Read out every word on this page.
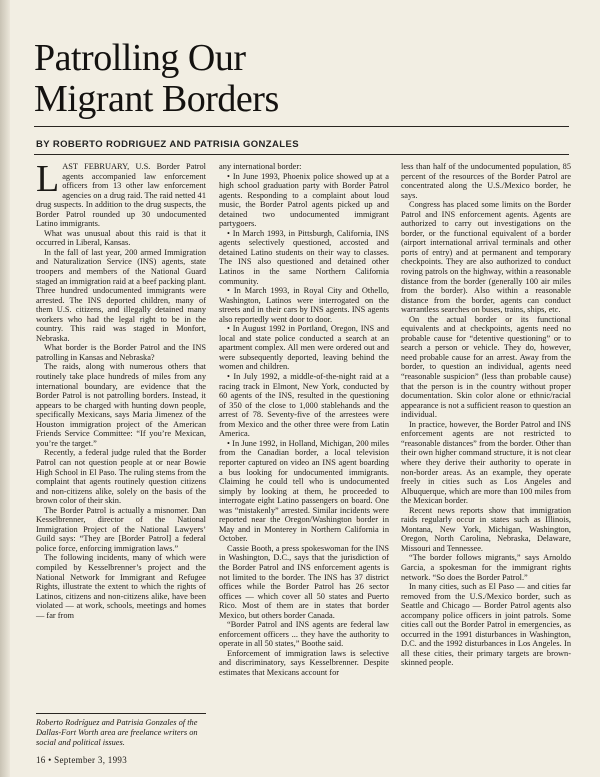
Patrolling Our
Migrant Borders
BY ROBERTO RODRIGUEZ AND PATRISIA GONZALES

LAST FEBRUARY, U.S. Border Patrol agents accompanied law enforcement officers from 13 other law enforcement agencies on a drug raid. The raid netted 41 drug suspects. In addition to the drug suspects, the Border Patrol rounded up 30 undocumented Latino immigrants.

What was unusual about this raid is that it occurred in Liberal, Kansas.

In the fall of last year, 200 armed Immigration and Naturalization Service (INS) agents, state troopers and members of the National Guard staged an immigration raid at a beef packing plant. Three hundred undocumented immigrants were arrested. The INS deported children, many of them U.S. citizens, and illegally detained many workers who had the legal right to be in the country. This raid was staged in Monfort, Nebraska.

What border is the Border Patrol and the INS patrolling in Kansas and Nebraska?

The raids, along with numerous others that routinely take place hundreds of miles from any international boundary, are evidence that the Border Patrol is not patrolling borders. Instead, it appears to be charged with hunting down people, specifically Mexicans, says Maria Jimenez of the Houston immigration project of the American Friends Service Committee: “If you’re Mexican, you’re the target.”

Recently, a federal judge ruled that the Border Patrol can not question people at or near Bowie High School in El Paso. The ruling stems from the complaint that agents routinely question citizens and non-citizens alike, solely on the basis of the brown color of their skin.

The Border Patrol is actually a misnomer. Dan Kesselbrenner, director of the National Immigration Project of the National Lawyers’ Guild says: “They are [Border Patrol] a federal police force, enforcing immigration laws.”

The following incidents, many of which were compiled by Kesselbrenner’s project and the National Network for Immigrant and Refugee Rights, illustrate the extent to which the rights of Latinos, citizens and non-citizens alike, have been violated — at work, schools, meetings and homes — far from

any international border:

• In June 1993, Phoenix police showed up at a high school graduation party with Border Patrol agents. Responding to a complaint about loud music, the Border Patrol agents picked up and detained two undocumented immigrant partygoers.

• In March 1993, in Pittsburgh, California, INS agents selectively questioned, accosted and detained Latino students on their way to classes. The INS also questioned and detained other Latinos in the same Northern California community.

• In March 1993, in Royal City and Othello, Washington, Latinos were interrogated on the streets and in their cars by INS agents. INS agents also reportedly went door to door.

• In August 1992 in Portland, Oregon, INS and local and state police conducted a search at an apartment complex. All men were ordered out and were subsequently deported, leaving behind the women and children.

• In July 1992, a middle-of-the-night raid at a racing track in Elmont, New York, conducted by 60 agents of the INS, resulted in the questioning of 350 of the close to 1,000 stablehands and the arrest of 78. Seventy-five of the arrestees were from Mexico and the other three were from Latin America.

• In June 1992, in Holland, Michigan, 200 miles from the Canadian border, a local television reporter captured on video an INS agent boarding a bus looking for undocumented immigrants. Claiming he could tell who is undocumented simply by looking at them, he proceeded to interrogate eight Latino passengers on board. One was “mistakenly” arrested. Similar incidents were reported near the Oregon/Washington border in May and in Monterey in Northern California in October.

Cassie Booth, a press spokeswoman for the INS in Washington, D.C., says that the jurisdiction of the Border Patrol and INS enforcement agents is not limited to the border. The INS has 37 district offices while the Border Patrol has 26 sector offices — which cover all 50 states and Puerto Rico. Most of them are in states that border Mexico, but others border Canada.

“Border Patrol and INS agents are federal law enforcement officers ... they have the authority to operate in all 50 states,” Boothe said.

Enforcement of immigration laws is selective and discriminatory, says Kesselbrenner. Despite estimates that Mexicans account for

less than half of the undocumented population, 85 percent of the resources of the Border Patrol are concentrated along the U.S./Mexico border, he says.

Congress has placed some limits on the Border Patrol and INS enforcement agents. Agents are authorized to carry out investigations on the border, or the functional equivalent of a border (airport international arrival terminals and other ports of entry) and at permanent and temporary checkpoints. They are also authorized to conduct roving patrols on the highway, within a reasonable distance from the border (generally 100 air miles from the border). Also within a reasonable distance from the border, agents can conduct warrantless searches on buses, trains, ships, etc.

On the actual border or its functional equivalents and at checkpoints, agents need no probable cause for “detentive questioning” or to search a person or vehicle. They do, however, need probable cause for an arrest. Away from the border, to question an individual, agents need “reasonable suspicion” (less than probable cause) that the person is in the country without proper documentation. Skin color alone or ethnic/racial appearance is not a sufficient reason to question an individual.

In practice, however, the Border Patrol and INS enforcement agents are not restricted to “reasonable distances” from the border. Other than their own higher command structure, it is not clear where they derive their authority to operate in non-border areas. As an example, they operate freely in cities such as Los Angeles and Albuquerque, which are more than 100 miles from the Mexican border.

Recent news reports show that immigration raids regularly occur in states such as Illinois, Montana, New York, Michigan, Washington, Oregon, North Carolina, Nebraska, Delaware, Missouri and Tennessee.

“The border follows migrants,” says Arnoldo Garcia, a spokesman for the immigrant rights network. “So does the Border Patrol.”

In many cities, such as El Paso — and cities far removed from the U.S./Mexico border, such as Seattle and Chicago — Border Patrol agents also accompany police officers in joint patrols. Some cities call out the Border Patrol in emergencies, as occurred in the 1991 disturbances in Washington, D.C. and the 1992 disturbances in Los Angeles. In all these cities, their primary targets are brown-skinned people.

Roberto Rodríguez and Patrisia Gonzales of the Dallas-Fort Worth area are freelance writers on social and political issues.
16 • September 3, 1993
